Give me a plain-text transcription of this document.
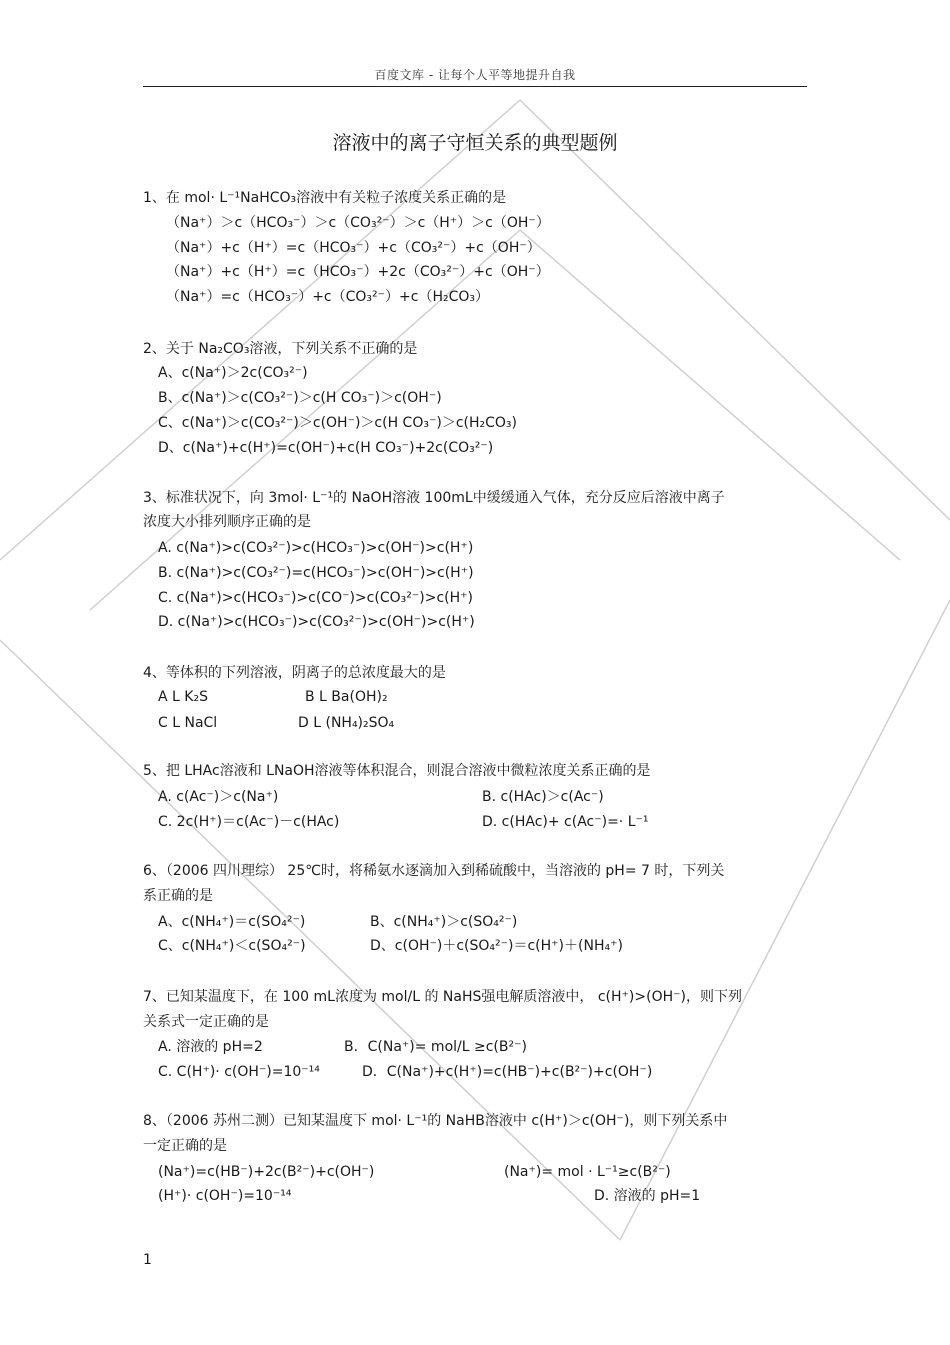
百度文库 - 让每个人平等地提升自我
溶液中的离子守恒关系的典型题例
1、在 mol· L⁻¹NaHCO₃溶液中有关粒子浓度关系正确的是
（Na⁺）＞c（HCO₃⁻）＞c（CO₃²⁻）＞c（H⁺）＞c（OH⁻）
（Na⁺）+c（H⁺）=c（HCO₃⁻）+c（CO₃²⁻）+c（OH⁻）
（Na⁺）+c（H⁺）=c（HCO₃⁻）+2c（CO₃²⁻）+c（OH⁻）
（Na⁺）=c（HCO₃⁻）+c（CO₃²⁻）+c（H₂CO₃）
2、关于 Na₂CO₃溶液，下列关系不正确的是
A、c(Na⁺)＞2c(CO₃²⁻)
B、c(Na⁺)＞c(CO₃²⁻)＞c(H CO₃⁻)＞c(OH⁻)
C、c(Na⁺)＞c(CO₃²⁻)＞c(OH⁻)＞c(H CO₃⁻)＞c(H₂CO₃)
D、c(Na⁺)+c(H⁺)=c(OH⁻)+c(H CO₃⁻)+2c(CO₃²⁻)
3、标准状况下，向 3mol· L⁻¹的 NaOH溶液 100mL中缓缓通入气体，充分反应后溶液中离子
浓度大小排列顺序正确的是
A. c(Na⁺)>c(CO₃²⁻)>c(HCO₃⁻)>c(OH⁻)>c(H⁺)
B. c(Na⁺)>c(CO₃²⁻)=c(HCO₃⁻)>c(OH⁻)>c(H⁺)
C. c(Na⁺)>c(HCO₃⁻)>c(CO⁻)>c(CO₃²⁻)>c(H⁺)
D. c(Na⁺)>c(HCO₃⁻)>c(CO₃²⁻)>c(OH⁻)>c(H⁺)
4、等体积的下列溶液，阴离子的总浓度最大的是
A L K₂S	B L Ba(OH)₂
C L NaCl	D L (NH₄)₂SO₄
5、把 LHAc溶液和 LNaOH溶液等体积混合，则混合溶液中微粒浓度关系正确的是
A. c(Ac⁻)＞c(Na⁺)	B. c(HAc)＞c(Ac⁻)
C. 2c(H⁺)＝c(Ac⁻)－c(HAc)	D. c(HAc)+ c(Ac⁻)=· L⁻¹
6、（2006 四川理综） 25℃时，将稀氨水逐滴加入到稀硫酸中，当溶液的 pH= 7 时，下列关
系正确的是
A、c(NH₄⁺)＝c(SO₄²⁻)	B、c(NH₄⁺)＞c(SO₄²⁻)
C、c(NH₄⁺)＜c(SO₄²⁻)	D、c(OH⁻)＋c(SO₄²⁻)＝c(H⁺)＋(NH₄⁺)
7、已知某温度下，在 100 mL浓度为 mol/L 的 NaHS强电解质溶液中， c(H⁺)>(OH⁻)，则下列
关系式一定正确的是
A. 溶液的 pH=2	B．C(Na⁺)= mol/L ≥c(B²⁻)
C. C(H⁺)· c(OH⁻)=10⁻¹⁴	D．C(Na⁺)+c(H⁺)=c(HB⁻)+c(B²⁻)+c(OH⁻)
8、（2006 苏州二测）已知某温度下 mol· L⁻¹的 NaHB溶液中 c(H⁺)＞c(OH⁻)，则下列关系中
一定正确的是
(Na⁺)=c(HB⁻)+2c(B²⁻)+c(OH⁻)	(Na⁺)= mol · L⁻¹≥c(B²⁻)
(H⁺)· c(OH⁻)=10⁻¹⁴	D. 溶液的 pH=1
1
